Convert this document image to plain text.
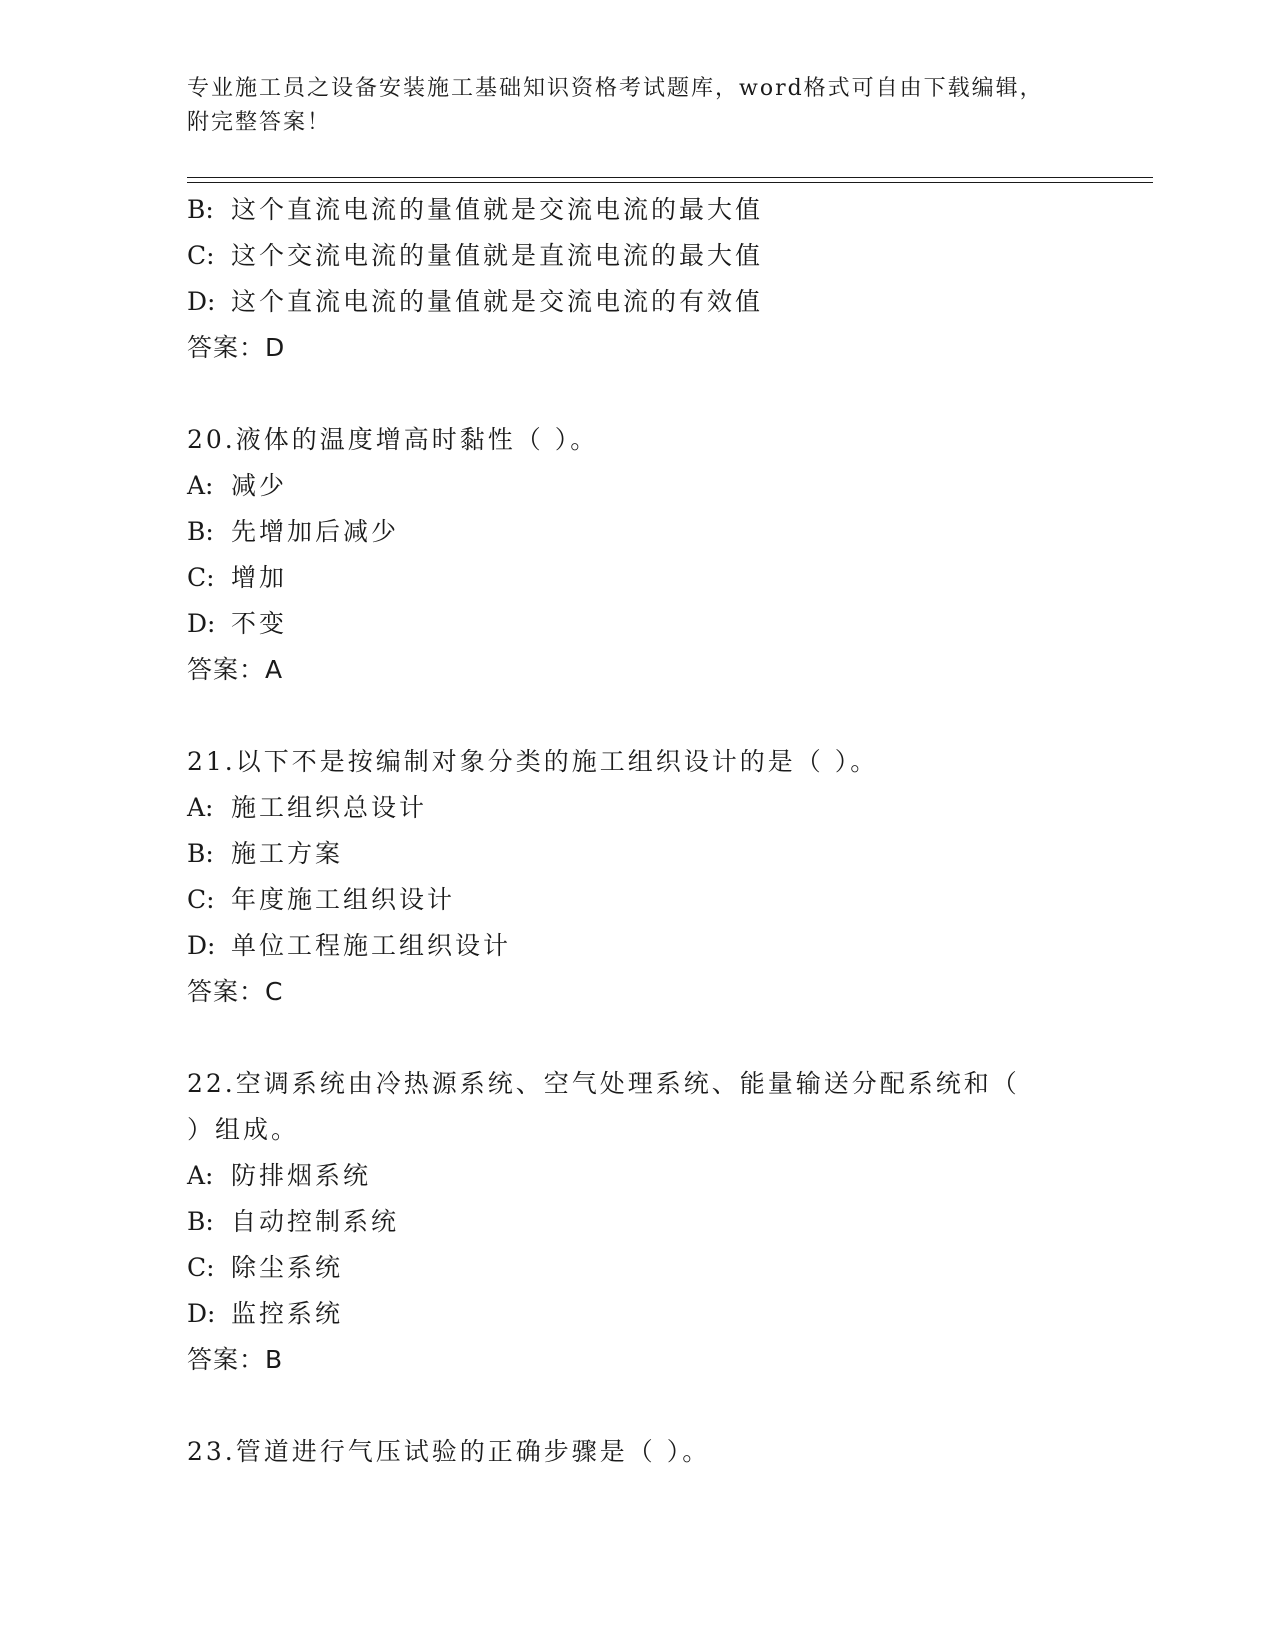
专业施工员之设备安装施工基础知识资格考试题库，word格式可自由下载编辑，
附完整答案！
B: 这个直流电流的量值就是交流电流的最大值
C: 这个交流电流的量值就是直流电流的最大值
D: 这个直流电流的量值就是交流电流的有效值
答案：D
20.液体的温度增高时黏性（ ）。
A: 减少
B: 先增加后减少
C: 增加
D: 不变
答案：A
21.以下不是按编制对象分类的施工组织设计的是（ ）。
A: 施工组织总设计
B: 施工方案
C: 年度施工组织设计
D: 单位工程施工组织设计
答案：C
22.空调系统由冷热源系统、空气处理系统、能量输送分配系统和（
）组成。
A: 防排烟系统
B: 自动控制系统
C: 除尘系统
D: 监控系统
答案：B
23.管道进行气压试验的正确步骤是（ ）。
